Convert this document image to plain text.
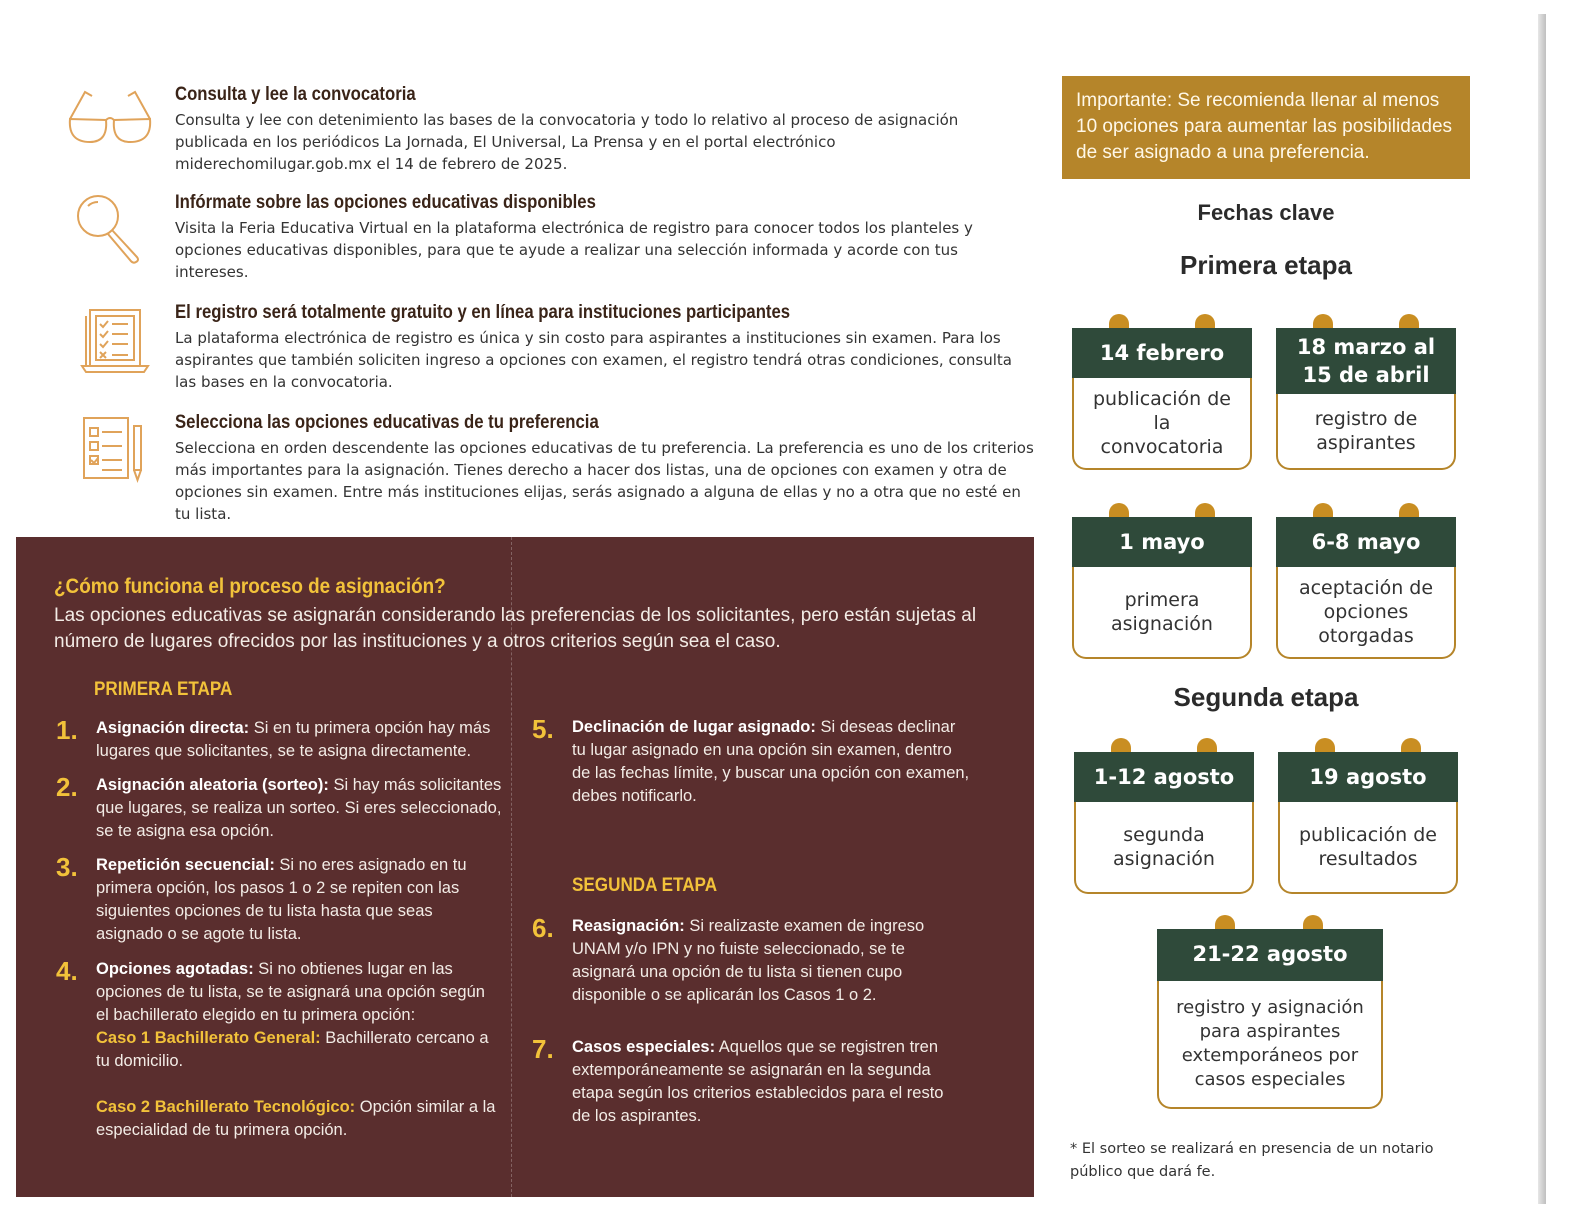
Consulta y lee la convocatoria

Consulta y lee con detenimiento las bases de la convocatoria y todo lo relativo al proceso de asignación publicada en los periódicos La Jornada, El Universal, La Prensa y en el portal electrónico miderechomilugar.gob.mx el 14 de febrero de 2025.

Infórmate sobre las opciones educativas disponibles

Visita la Feria Educativa Virtual en la plataforma electrónica de registro para conocer todos los planteles y opciones educativas disponibles, para que te ayude a realizar una selección informada y acorde con tus intereses.

El registro será totalmente gratuito y en línea para instituciones participantes

La plataforma electrónica de registro es única y sin costo para aspirantes a instituciones sin examen. Para los aspirantes que también soliciten ingreso a opciones con examen, el registro tendrá otras condiciones, consulta las bases en la convocatoria.

Selecciona las opciones educativas de tu preferencia

Selecciona en orden descendente las opciones educativas de tu preferencia. La preferencia es uno de los criterios más importantes para la asignación. Tienes derecho a hacer dos listas, una de opciones con examen y otra de opciones sin examen. Entre más instituciones elijas, serás asignado a alguna de ellas y no a otra que no esté en tu lista.

¿Cómo funciona el proceso de asignación?

Las opciones educativas se asignarán considerando las preferencias de los solicitantes, pero están sujetas al número de lugares ofrecidos por las instituciones y a otros criterios según sea el caso.

PRIMERA ETAPA
1. Asignación directa: Si en tu primera opción hay más lugares que solicitantes, se te asigna directamente.
2. Asignación aleatoria (sorteo): Si hay más solicitantes que lugares, se realiza un sorteo. Si eres seleccionado, se te asigna esa opción.
3. Repetición secuencial: Si no eres asignado en tu primera opción, los pasos 1 o 2 se repiten con las siguientes opciones de tu lista hasta que seas asignado o se agote tu lista.
4. Opciones agotadas: Si no obtienes lugar en las opciones de tu lista, se te asignará una opción según el bachillerato elegido en tu primera opción:
Caso 1 Bachillerato General: Bachillerato cercano a tu domicilio.

Caso 2 Bachillerato Tecnológico: Opción similar a la especialidad de tu primera opción.
5. Declinación de lugar asignado: Si deseas declinar tu lugar asignado en una opción sin examen, dentro de las fechas límite, y buscar una opción con examen, debes notificarlo.
SEGUNDA ETAPA
6. Reasignación: Si realizaste examen de ingreso UNAM y/o IPN y no fuiste seleccionado, se te asignará una opción de tu lista si tienen cupo disponible o se aplicarán los Casos 1 o 2.
7. Casos especiales: Aquellos que se registren tren extemporáneamente se asignarán en la segunda etapa según los criterios establecidos para el resto de los aspirantes.
Importante: Se recomienda llenar al menos 10 opciones para aumentar las posibilidades de ser asignado a una preferencia.
Fechas clave
Primera etapa
14 febrero
publicación de la convocatoria
18 marzo al 15 de abril
registro de aspirantes
1 mayo
primera asignación
6-8 mayo
aceptación de opciones otorgadas
Segunda etapa
1-12 agosto
segunda asignación
19 agosto
publicación de resultados
21-22 agosto
registro y asignación para aspirantes extemporáneos por casos especiales

* El sorteo se realizará en presencia de un notario público que dará fe.
